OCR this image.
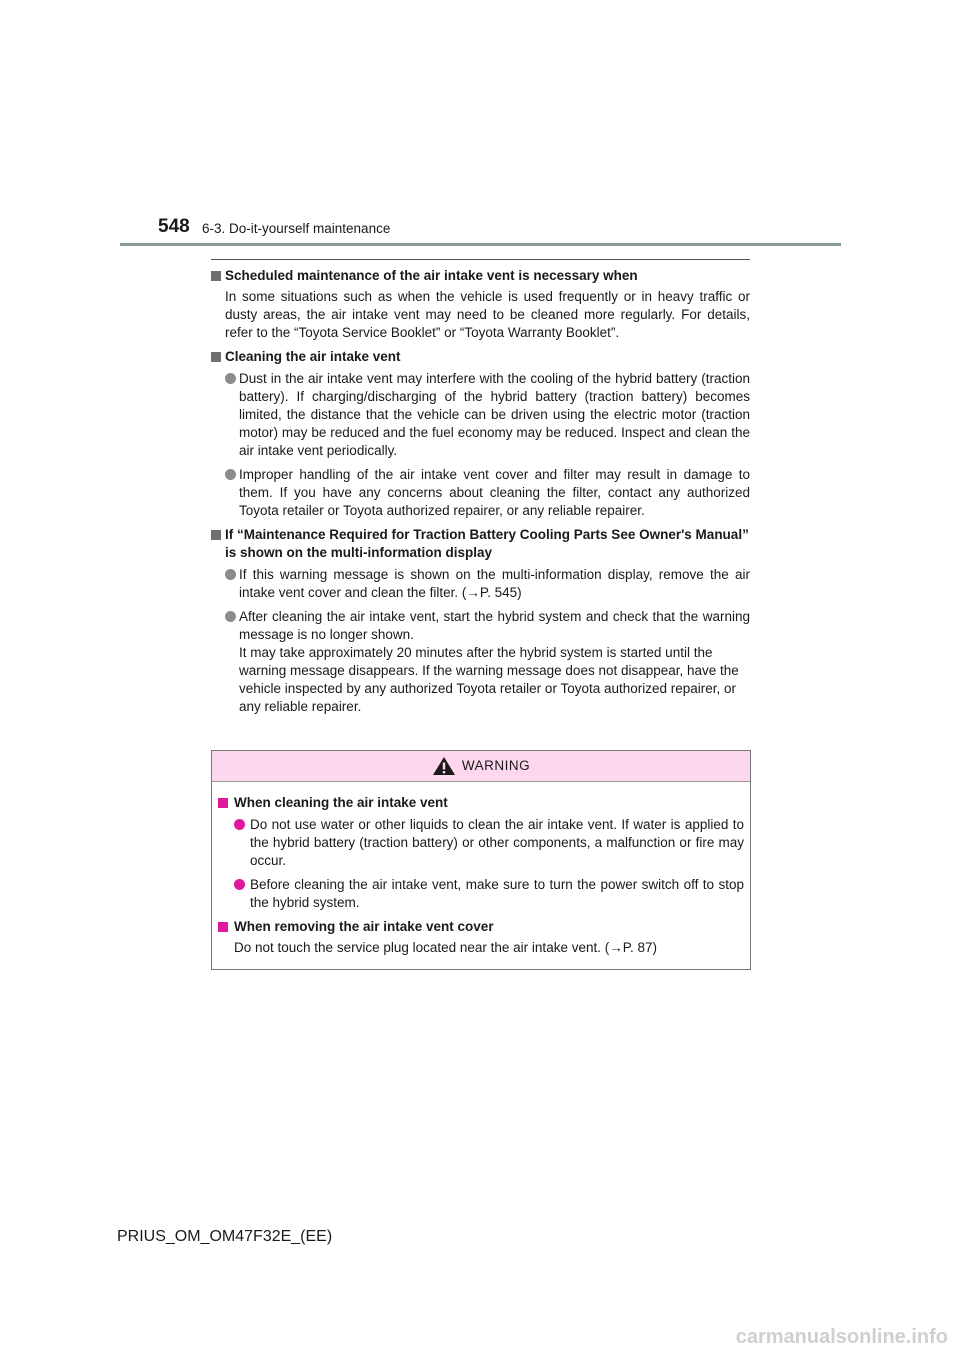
548 6-3. Do-it-yourself maintenance

Scheduled maintenance of the air intake vent is necessary when

In some situations such as when the vehicle is used frequently or in heavy traffic or dusty areas, the air intake vent may need to be cleaned more regularly. For details, refer to the “Toyota Service Booklet” or “Toyota Warranty Booklet”.

Cleaning the air intake vent

Dust in the air intake vent may interfere with the cooling of the hybrid battery (traction battery). If charging/discharging of the hybrid battery (traction battery) becomes limited, the distance that the vehicle can be driven using the electric motor (traction motor) may be reduced and the fuel economy may be reduced. Inspect and clean the air intake vent periodically.
Improper handling of the air intake vent cover and filter may result in damage to them. If you have any concerns about cleaning the filter, contact any authorized Toyota retailer or Toyota authorized repairer, or any reliable repairer.

If “Maintenance Required for Traction Battery Cooling Parts See Owner's Manual” is shown on the multi-information display

If this warning message is shown on the multi-information display, remove the air intake vent cover and clean the filter. (→P. 545)
After cleaning the air intake vent, start the hybrid system and check that the warning message is no longer shown.
It may take approximately 20 minutes after the hybrid system is started until the warning message disappears. If the warning message does not disappear, have the vehicle inspected by any authorized Toyota retailer or Toyota authorized repairer, or any reliable repairer.
WARNING

When cleaning the air intake vent

Do not use water or other liquids to clean the air intake vent. If water is applied to the hybrid battery (traction battery) or other components, a malfunction or fire may occur.
Before cleaning the air intake vent, make sure to turn the power switch off to stop the hybrid system.

When removing the air intake vent cover

Do not touch the service plug located near the air intake vent. (→P. 87)

PRIUS_OM_OM47F32E_(EE)
carmanualsonline.info
